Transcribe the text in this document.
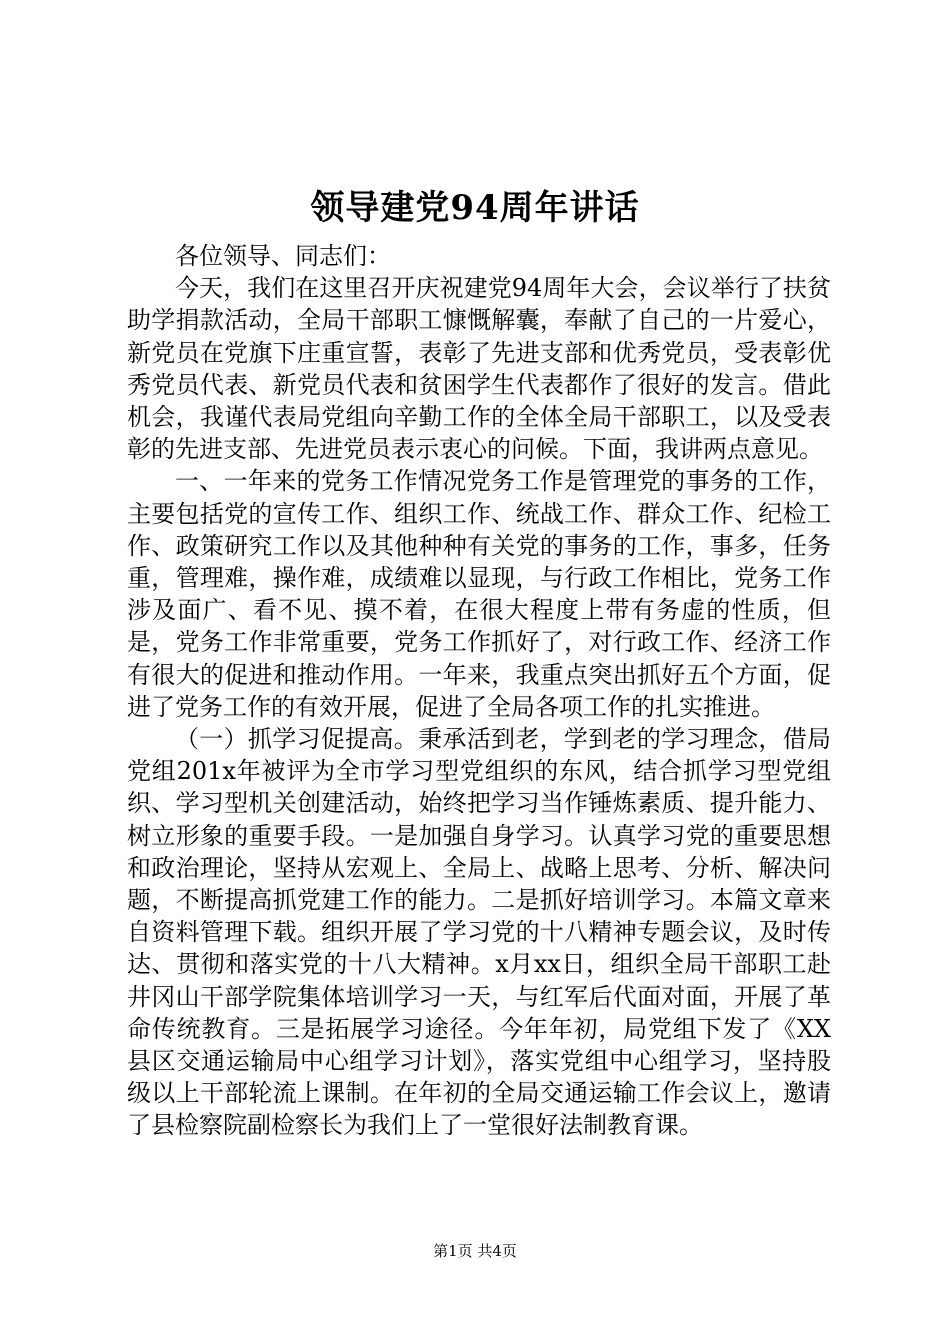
领导建党94周年讲话

各位领导、同志们：

今天，我们在这里召开庆祝建党94周年大会，会议举行了扶贫助学捐款活动，全局干部职工慷慨解囊，奉献了自己的一片爱心，新党员在党旗下庄重宣誓，表彰了先进支部和优秀党员，受表彰优秀党员代表、新党员代表和贫困学生代表都作了很好的发言。借此机会，我谨代表局党组向辛勤工作的全体全局干部职工，以及受表彰的先进支部、先进党员表示衷心的问候。下面，我讲两点意见。

一、一年来的党务工作情况党务工作是管理党的事务的工作，主要包括党的宣传工作、组织工作、统战工作、群众工作、纪检工作、政策研究工作以及其他种种有关党的事务的工作，事多，任务重，管理难，操作难，成绩难以显现，与行政工作相比，党务工作涉及面广、看不见、摸不着，在很大程度上带有务虚的性质，但是，党务工作非常重要，党务工作抓好了，对行政工作、经济工作有很大的促进和推动作用。一年来，我重点突出抓好五个方面，促进了党务工作的有效开展，促进了全局各项工作的扎实推进。

（一）抓学习促提高。秉承活到老，学到老的学习理念，借局党组201x年被评为全市学习型党组织的东风，结合抓学习型党组织、学习型机关创建活动，始终把学习当作锤炼素质、提升能力、树立形象的重要手段。一是加强自身学习。认真学习党的重要思想和政治理论，坚持从宏观上、全局上、战略上思考、分析、解决问题，不断提高抓党建工作的能力。二是抓好培训学习。本篇文章来自资料管理下载。组织开展了学习党的十八精神专题会议，及时传达、贯彻和落实党的十八大精神。x月xx日，组织全局干部职工赴井冈山干部学院集体培训学习一天，与红军后代面对面，开展了革命传统教育。三是拓展学习途径。今年年初，局党组下发了《XX县区交通运输局中心组学习计划》，落实党组中心组学习，坚持股级以上干部轮流上课制。在年初的全局交通运输工作会议上，邀请了县检察院副检察长为我们上了一堂很好法制教育课。

第1页 共4页
